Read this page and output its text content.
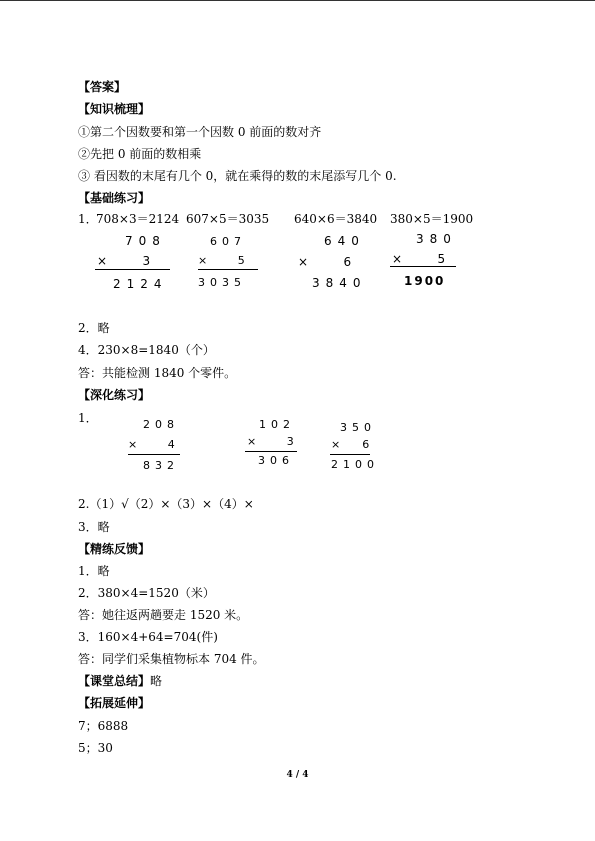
【答案】
【知识梳理】
①第二个因数要和第一个因数 0 前面的数对齐
②先把 0 前面的数相乘
③ 看因数的末尾有几个 0，就在乘得的数的末尾添写几个 0.
【基础练习】
1．
708×3＝2124 607×5＝3035 640×6＝3840 380×5＝1900
708
×   3
2124
607
×   5
3035
640
×   6
3840
380
×   5
1900
2．略
4．230×8=1840（个）
答：共能检测 1840 个零件。
【深化练习】
1．	208
×   4
832
102
×   3
306
350
×  6
2100
2.（1）√（2）×（3）×（4）×
3．略
【精练反馈】
1．略
2．380×4=1520（米）
答：她往返两趟要走 1520 米。
3．160×4+64=704(件)
答：同学们采集植物标本 704 件。
【课堂总结】略
【拓展延伸】
7；6888
5；30
4 / 4
